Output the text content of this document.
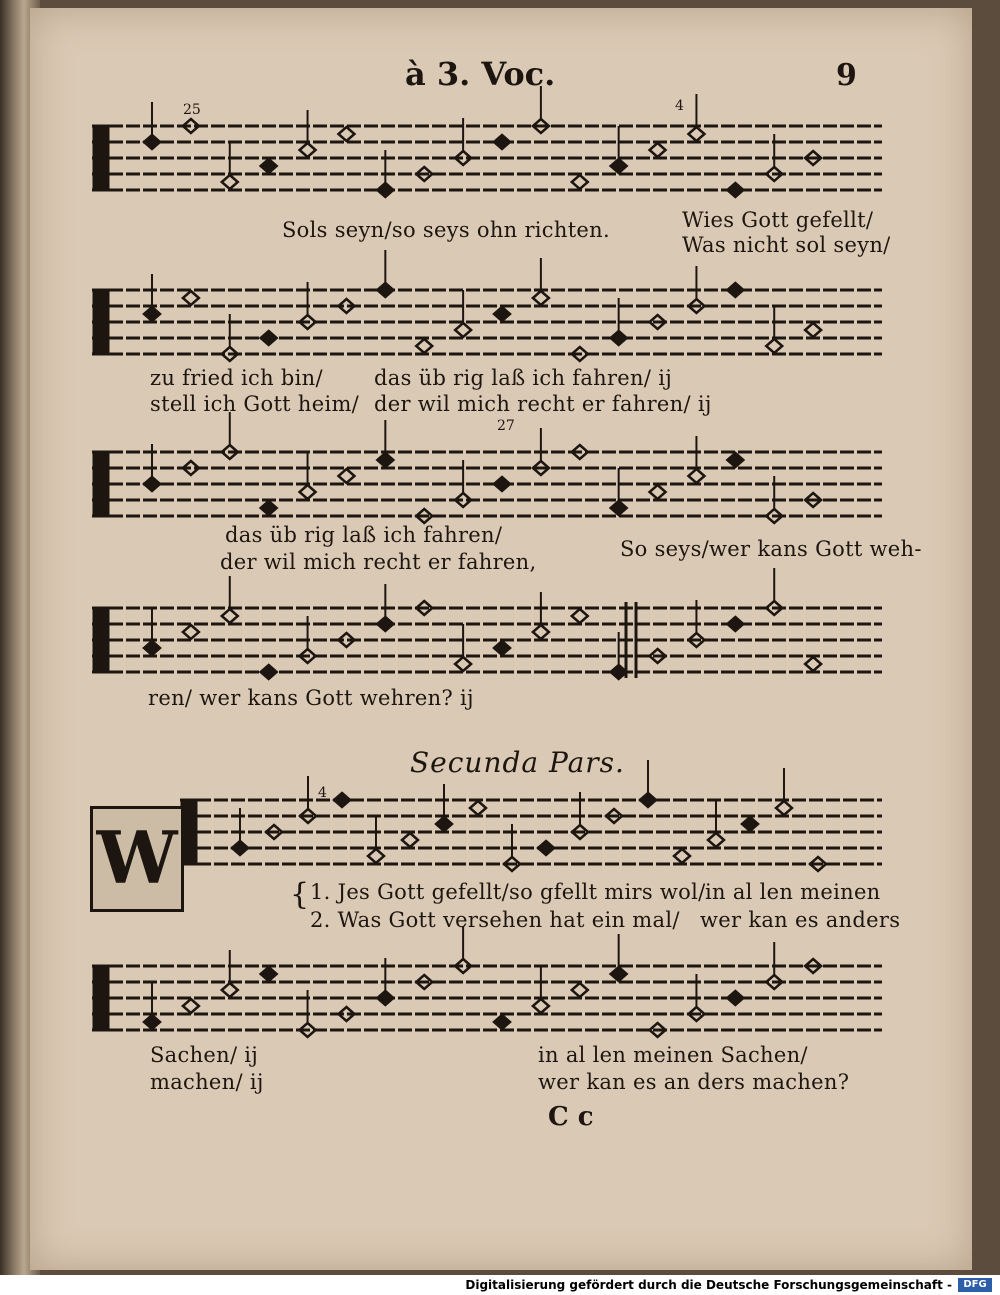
à 3. Voc.	9
25	4
27
4
Sols seyn/so seys ohn richten.	Wies Gott gefellt/
Was nicht sol seyn/
zu fried ich bin/
stell ich Gott heim/
das üb rig laß ich fahren/ ij
der wil mich recht er fahren/ ij
das üb rig laß ich fahren/
der wil mich recht er fahren,
So seys/wer kans Gott weh-
ren/ wer kans Gott wehren? ij
Secunda Pars.
W	{ 1. Jes Gott gefellt/so gfellt mirs wol/ in al len meinen
2. Was Gott versehen hat ein mal/ wer kan es anders
Sachen/ ij
machen/ ij
in al len meinen Sachen/
wer kan es an ders machen?
C c
Digitalisierung gefördert durch die Deutsche Forschungsgemeinschaft -	DFG
